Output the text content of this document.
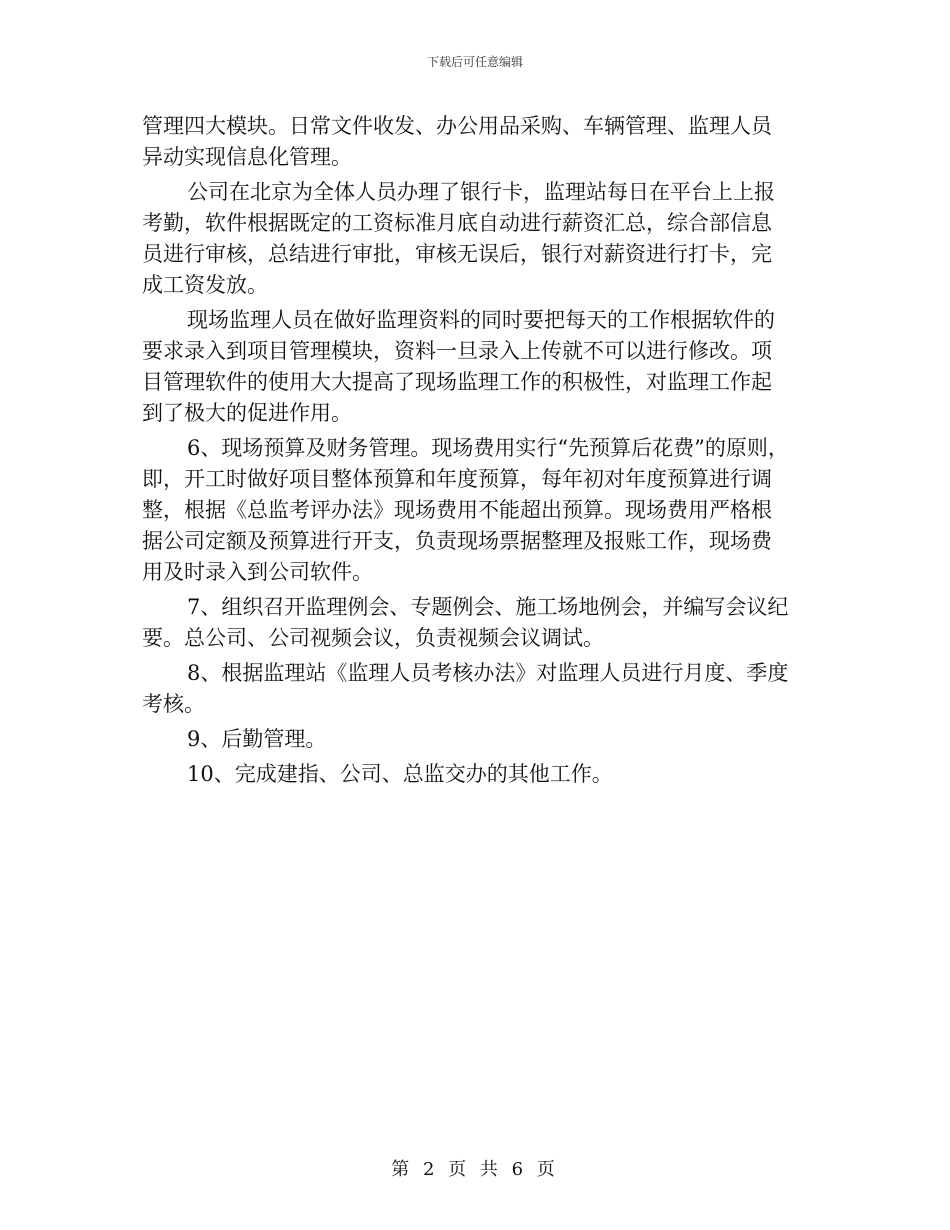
下载后可任意编辑
管理四大模块。日常文件收发、办公用品采购、车辆管理、监理人员
异动实现信息化管理。
公司在北京为全体人员办理了银行卡，监理站每日在平台上上报
考勤，软件根据既定的工资标准月底自动进行薪资汇总，综合部信息
员进行审核，总结进行审批，审核无误后，银行对薪资进行打卡，完
成工资发放。
现场监理人员在做好监理资料的同时要把每天的工作根据软件的
要求录入到项目管理模块，资料一旦录入上传就不可以进行修改。项
目管理软件的使用大大提高了现场监理工作的积极性，对监理工作起
到了极大的促进作用。
6、现场预算及财务管理。现场费用实行“先预算后花费”的原则，
即，开工时做好项目整体预算和年度预算，每年初对年度预算进行调
整，根据《总监考评办法》现场费用不能超出预算。现场费用严格根
据公司定额及预算进行开支，负责现场票据整理及报账工作，现场费
用及时录入到公司软件。
7、组织召开监理例会、专题例会、施工场地例会，并编写会议纪
要。总公司、公司视频会议，负责视频会议调试。
8、根据监理站《监理人员考核办法》对监理人员进行月度、季度
考核。
9、后勤管理。
10、完成建指、公司、总监交办的其他工作。
第 2 页 共 6 页
